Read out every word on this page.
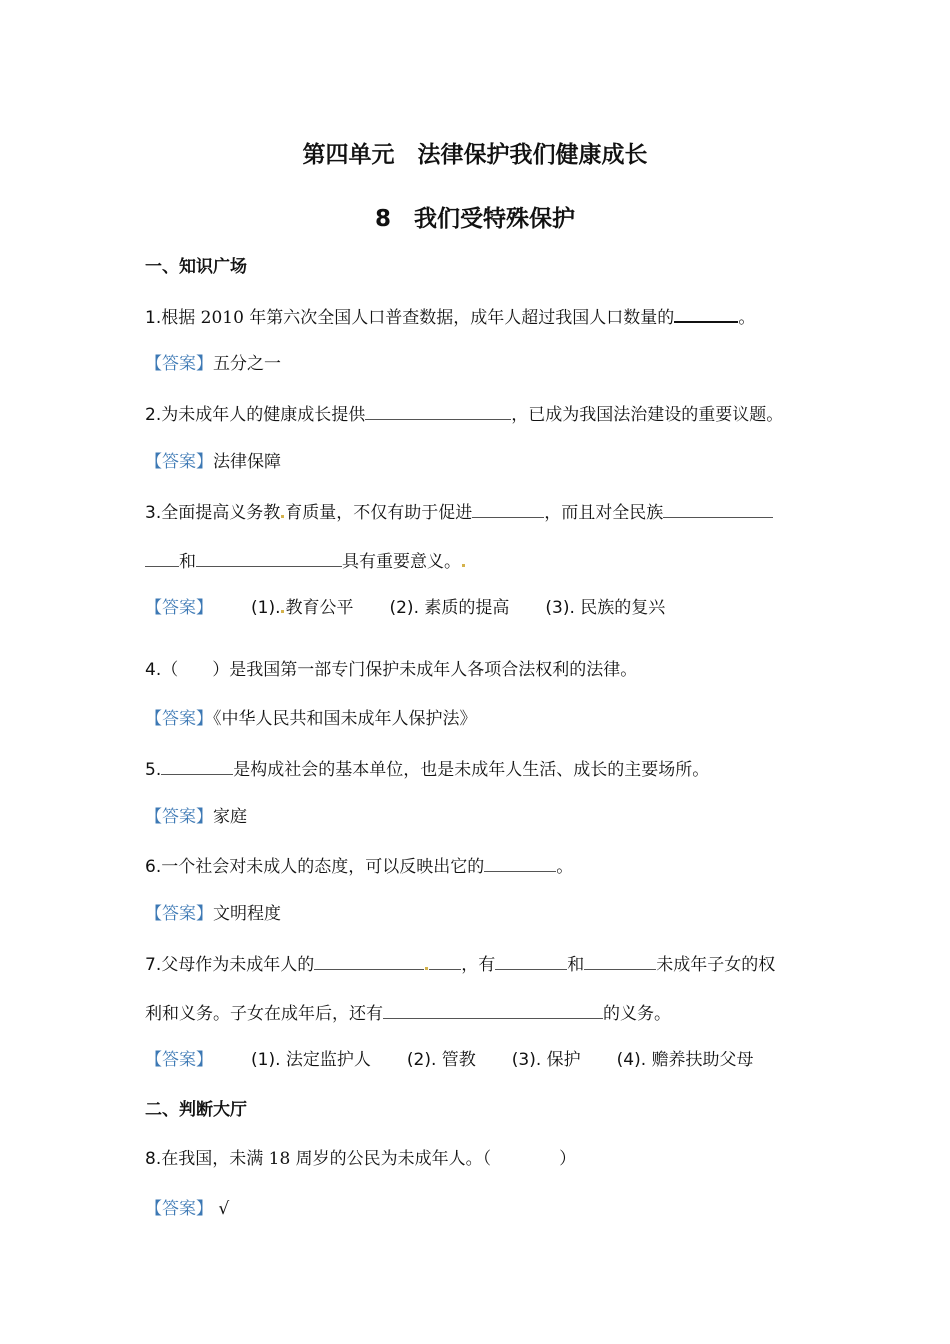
第四单元　法律保护我们健康成长
8　我们受特殊保护
一、知识广场
1.根据 2010 年第六次全国人口普查数据，成年人超过我国人口数量的	。
【答案】五分之一
2.为未成年人的健康成长提供	，已成为我国法治建设的重要议题。
【答案】法律保障
3.全面提高义务教 育质量，不仅有助于促进	，而且对全民族
和	具有重要意义。
【答案】 (1). 教育公平 (2). 素质的提高 (3). 民族的复兴
4.（　　）是我国第一部专门保护未成年人各项合法权利的法律。
【答案】《中华人民共和国未成年人保护法》
5.	是构成社会的基本单位，也是未成年人生活、成长的主要场所。
【答案】家庭
6.一个社会对未成人的态度，可以反映出它的	。
【答案】文明程度
7.父母作为未成年人的	，有	和	未成年子女的权
利和义务。子女在成年后，还有	的义务。
【答案】 (1). 法定监护人 (2). 管教 (3). 保护 (4). 赡养扶助父母
二、判断大厅
8.在我国，未满 18 周岁的公民为未成年人。（　　　　）
【答案】 √
